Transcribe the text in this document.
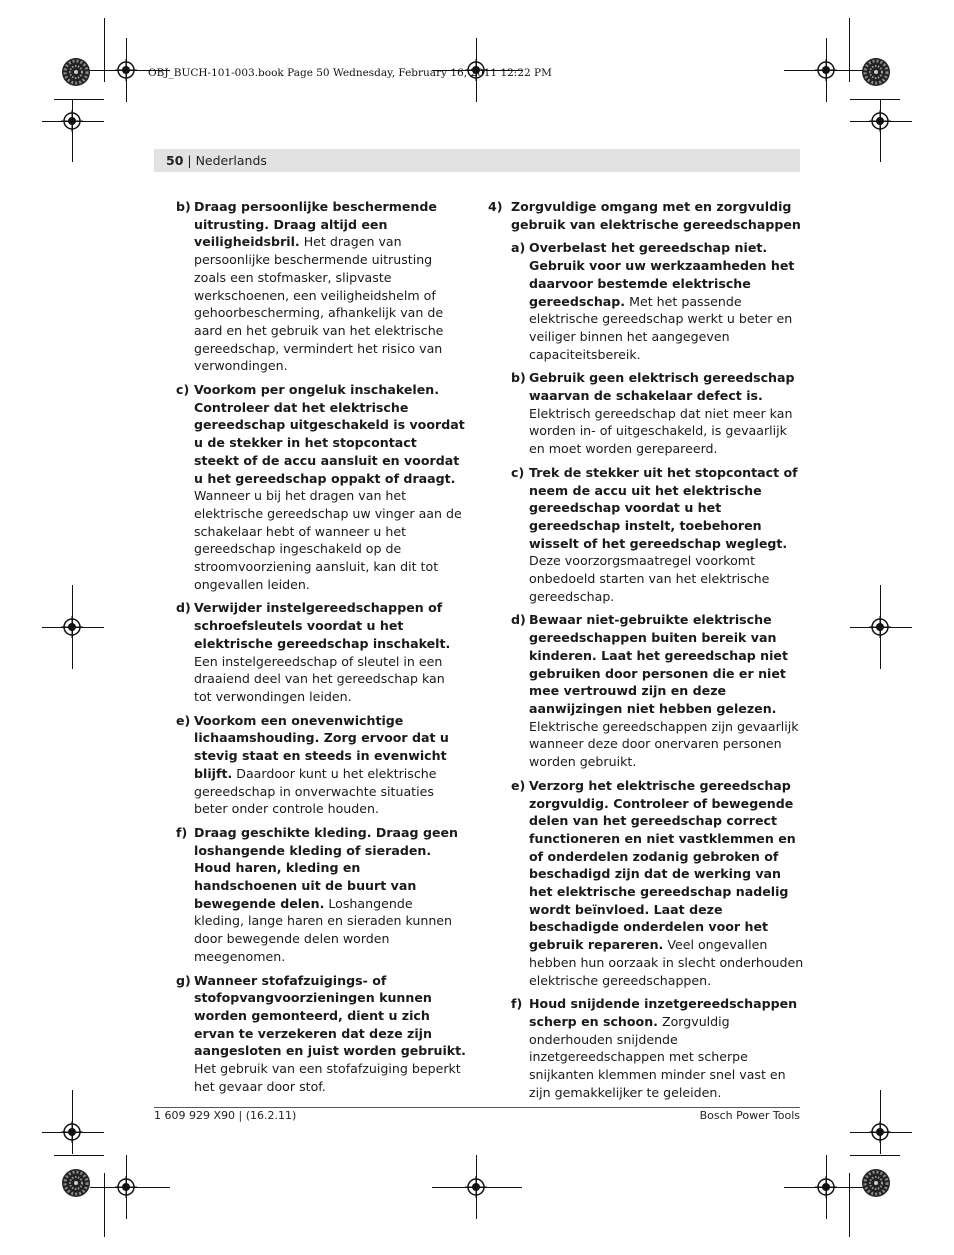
OBJ_BUCH-101-003.book Page 50 Wednesday, February 16, 2011 12:22 PM
50 | Nederlands
b) Draag persoonlijke beschermende uitrusting. Draag altijd een veiligheidsbril. Het dragen van persoonlijke beschermende uitrusting zoals een stofmasker, slipvaste werkschoenen, een veiligheidshelm of gehoorbescherming, afhankelijk van de aard en het gebruik van het elektrische gereedschap, vermindert het risico van verwondingen.
c) Voorkom per ongeluk inschakelen. Controleer dat het elektrische gereedschap uitgeschakeld is voordat u de stekker in het stopcontact steekt of de accu aansluit en voordat u het gereedschap oppakt of draagt. Wanneer u bij het dragen van het elektrische gereedschap uw vinger aan de schakelaar hebt of wanneer u het gereedschap ingeschakeld op de stroomvoorziening aansluit, kan dit tot ongevallen leiden.
d) Verwijder instelgereedschappen of schroefsleutels voordat u het elektrische gereedschap inschakelt. Een instelgereedschap of sleutel in een draaiend deel van het gereedschap kan tot verwondingen leiden.
e) Voorkom een onevenwichtige lichaamshouding. Zorg ervoor dat u stevig staat en steeds in evenwicht blijft. Daardoor kunt u het elektrische gereedschap in onverwachte situaties beter onder controle houden.
f) Draag geschikte kleding. Draag geen loshangende kleding of sieraden. Houd haren, kleding en handschoenen uit de buurt van bewegende delen. Loshangende kleding, lange haren en sieraden kunnen door bewegende delen worden meegenomen.
g) Wanneer stofafzuigings- of stofopvangvoorzieningen kunnen worden gemonteerd, dient u zich ervan te verzekeren dat deze zijn aangesloten en juist worden gebruikt. Het gebruik van een stofafzuiging beperkt het gevaar door stof.
4) Zorgvuldige omgang met en zorgvuldig gebruik van elektrische gereedschappen
a) Overbelast het gereedschap niet. Gebruik voor uw werkzaamheden het daarvoor bestemde elektrische gereedschap. Met het passende elektrische gereedschap werkt u beter en veiliger binnen het aangegeven capaciteitsbereik.
b) Gebruik geen elektrisch gereedschap waarvan de schakelaar defect is. Elektrisch gereedschap dat niet meer kan worden in- of uitgeschakeld, is gevaarlijk en moet worden gerepareerd.
c) Trek de stekker uit het stopcontact of neem de accu uit het elektrische gereedschap voordat u het gereedschap instelt, toebehoren wisselt of het gereedschap weglegt. Deze voorzorgsmaatregel voorkomt onbedoeld starten van het elektrische gereedschap.
d) Bewaar niet-gebruikte elektrische gereedschappen buiten bereik van kinderen. Laat het gereedschap niet gebruiken door personen die er niet mee vertrouwd zijn en deze aanwijzingen niet hebben gelezen. Elektrische gereedschappen zijn gevaarlijk wanneer deze door onervaren personen worden gebruikt.
e) Verzorg het elektrische gereedschap zorgvuldig. Controleer of bewegende delen van het gereedschap correct functioneren en niet vastklemmen en of onderdelen zodanig gebroken of beschadigd zijn dat de werking van het elektrische gereedschap nadelig wordt beïnvloed. Laat deze beschadigde onderdelen voor het gebruik repareren. Veel ongevallen hebben hun oorzaak in slecht onderhouden elektrische gereedschappen.
f) Houd snijdende inzetgereedschappen scherp en schoon. Zorgvuldig onderhouden snijdende inzetgereedschappen met scherpe snijkanten klemmen minder snel vast en zijn gemakkelijker te geleiden.
1 609 929 X90 | (16.2.11)	Bosch Power Tools
